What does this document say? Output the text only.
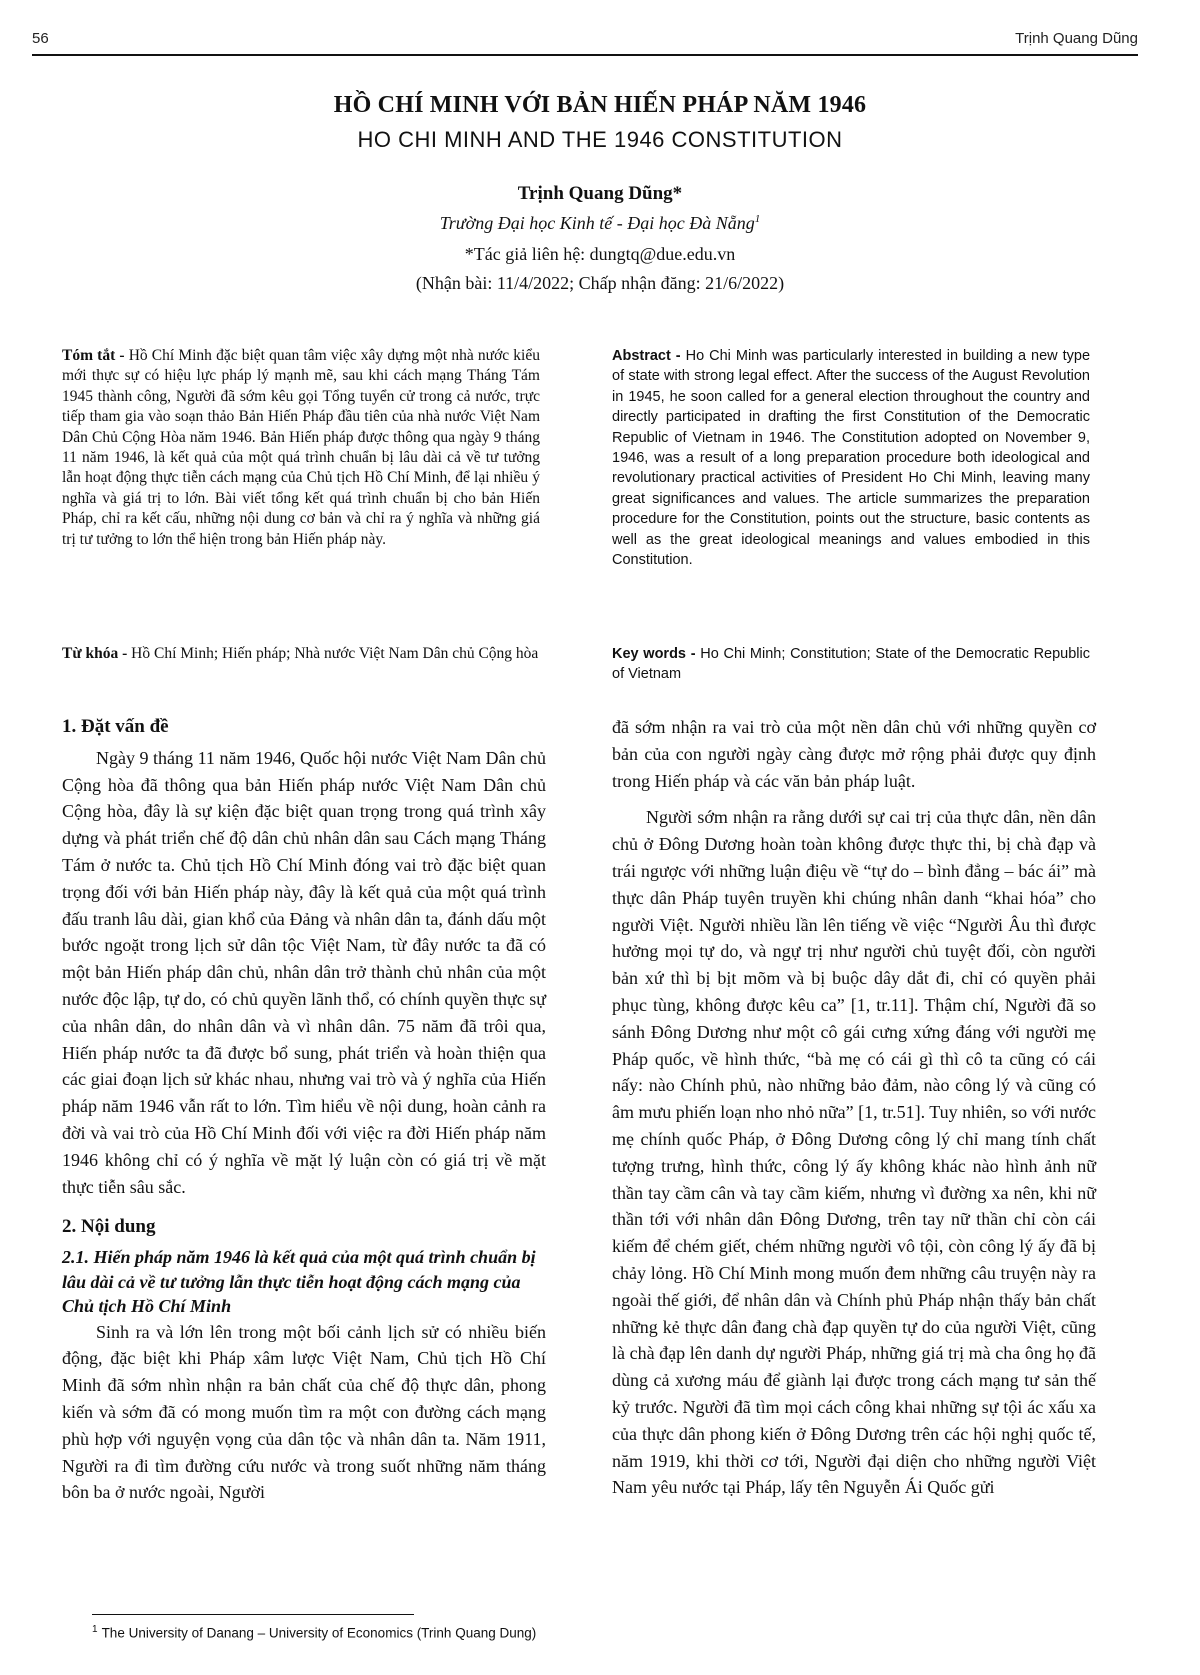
56	Trịnh Quang Dũng
HỒ CHÍ MINH VỚI BẢN HIẾN PHÁP NĂM 1946
HO CHI MINH AND THE 1946 CONSTITUTION
Trịnh Quang Dũng*
Trường Đại học Kinh tế - Đại học Đà Nẵng$^1$
*Tác giả liên hệ: dungtq@due.edu.vn
(Nhận bài: 11/4/2022; Chấp nhận đăng: 21/6/2022)

Tóm tắt - Hồ Chí Minh đặc biệt quan tâm việc xây dựng một nhà nước kiểu mới thực sự có hiệu lực pháp lý mạnh mẽ, sau khi cách mạng Tháng Tám 1945 thành công, Người đã sớm kêu gọi Tổng tuyển cử trong cả nước, trực tiếp tham gia vào soạn thảo Bản Hiến Pháp đầu tiên của nhà nước Việt Nam Dân Chủ Cộng Hòa năm 1946. Bản Hiến pháp được thông qua ngày 9 tháng 11 năm 1946, là kết quả của một quá trình chuẩn bị lâu dài cả về tư tưởng lẫn hoạt động thực tiễn cách mạng của Chủ tịch Hồ Chí Minh, để lại nhiều ý nghĩa và giá trị to lớn. Bài viết tổng kết quá trình chuẩn bị cho bản Hiến Pháp, chỉ ra kết cấu, những nội dung cơ bản và chỉ ra ý nghĩa và những giá trị tư tưởng to lớn thể hiện trong bản Hiến pháp này.

Abstract - Ho Chi Minh was particularly interested in building a new type of state with strong legal effect. After the success of the August Revolution in 1945, he soon called for a general election throughout the country and directly participated in drafting the first Constitution of the Democratic Republic of Vietnam in 1946. The Constitution adopted on November 9, 1946, was a result of a long preparation procedure both ideological and revolutionary practical activities of President Ho Chi Minh, leaving many great significances and values. The article summarizes the preparation procedure for the Constitution, points out the structure, basic contents as well as the great ideological meanings and values embodied in this Constitution.

Từ khóa - Hồ Chí Minh; Hiến pháp; Nhà nước Việt Nam Dân chủ Cộng hòa	Key words - Ho Chi Minh; Constitution; State of the Democratic Republic of Vietnam

1. Đặt vấn đề

Ngày 9 tháng 11 năm 1946, Quốc hội nước Việt Nam Dân chủ Cộng hòa đã thông qua bản Hiến pháp nước Việt Nam Dân chủ Cộng hòa, đây là sự kiện đặc biệt quan trọng trong quá trình xây dựng và phát triển chế độ dân chủ nhân dân sau Cách mạng Tháng Tám ở nước ta. Chủ tịch Hồ Chí Minh đóng vai trò đặc biệt quan trọng đối với bản Hiến pháp này, đây là kết quả của một quá trình đấu tranh lâu dài, gian khổ của Đảng và nhân dân ta, đánh dấu một bước ngoặt trong lịch sử dân tộc Việt Nam, từ đây nước ta đã có một bản Hiến pháp dân chủ, nhân dân trở thành chủ nhân của một nước độc lập, tự do, có chủ quyền lãnh thổ, có chính quyền thực sự của nhân dân, do nhân dân và vì nhân dân. 75 năm đã trôi qua, Hiến pháp nước ta đã được bổ sung, phát triển và hoàn thiện qua các giai đoạn lịch sử khác nhau, nhưng vai trò và ý nghĩa của Hiến pháp năm 1946 vẫn rất to lớn. Tìm hiểu về nội dung, hoàn cảnh ra đời và vai trò của Hồ Chí Minh đối với việc ra đời Hiến pháp năm 1946 không chỉ có ý nghĩa về mặt lý luận còn có giá trị về mặt thực tiễn sâu sắc.

2. Nội dung

2.1. Hiến pháp năm 1946 là kết quả của một quá trình chuẩn bị lâu dài cả về tư tưởng lẫn thực tiễn hoạt động cách mạng của Chủ tịch Hồ Chí Minh

Sinh ra và lớn lên trong một bối cảnh lịch sử có nhiều biến động, đặc biệt khi Pháp xâm lược Việt Nam, Chủ tịch Hồ Chí Minh đã sớm nhìn nhận ra bản chất của chế độ thực dân, phong kiến và sớm đã có mong muốn tìm ra một con đường cách mạng phù hợp với nguyện vọng của dân tộc và nhân dân ta. Năm 1911, Người ra đi tìm đường cứu nước và trong suốt những năm tháng bôn ba ở nước ngoài, Người

đã sớm nhận ra vai trò của một nền dân chủ với những quyền cơ bản của con người ngày càng được mở rộng phải được quy định trong Hiến pháp và các văn bản pháp luật.

Người sớm nhận ra rằng dưới sự cai trị của thực dân, nền dân chủ ở Đông Dương hoàn toàn không được thực thi, bị chà đạp và trái ngược với những luận điệu về “tự do – bình đẳng – bác ái” mà thực dân Pháp tuyên truyền khi chúng nhân danh “khai hóa” cho người Việt. Người nhiều lần lên tiếng về việc “Người Âu thì được hưởng mọi tự do, và ngự trị như người chủ tuyệt đối, còn người bản xứ thì bị bịt mõm và bị buộc dây dắt đi, chỉ có quyền phải phục tùng, không được kêu ca” [1, tr.11]. Thậm chí, Người đã so sánh Đông Dương như một cô gái cưng xứng đáng với người mẹ Pháp quốc, về hình thức, “bà mẹ có cái gì thì cô ta cũng có cái nấy: nào Chính phủ, nào những bảo đảm, nào công lý và cũng có âm mưu phiến loạn nho nhỏ nữa” [1, tr.51]. Tuy nhiên, so với nước mẹ chính quốc Pháp, ở Đông Dương công lý chỉ mang tính chất tượng trưng, hình thức, công lý ấy không khác nào hình ảnh nữ thần tay cầm cân và tay cầm kiếm, nhưng vì đường xa nên, khi nữ thần tới với nhân dân Đông Dương, trên tay nữ thần chỉ còn cái kiếm để chém giết, chém những người vô tội, còn công lý ấy đã bị chảy lỏng. Hồ Chí Minh mong muốn đem những câu truyện này ra ngoài thế giới, để nhân dân và Chính phủ Pháp nhận thấy bản chất những kẻ thực dân đang chà đạp quyền tự do của người Việt, cũng là chà đạp lên danh dự người Pháp, những giá trị mà cha ông họ đã dùng cả xương máu để giành lại được trong cách mạng tư sản thế kỷ trước. Người đã tìm mọi cách công khai những sự tội ác xấu xa của thực dân phong kiến ở Đông Dương trên các hội nghị quốc tế, năm 1919, khi thời cơ tới, Người đại diện cho những người Việt Nam yêu nước tại Pháp, lấy tên Nguyễn Ái Quốc gửi

$^1$ The University of Danang – University of Economics (Trinh Quang Dung)
